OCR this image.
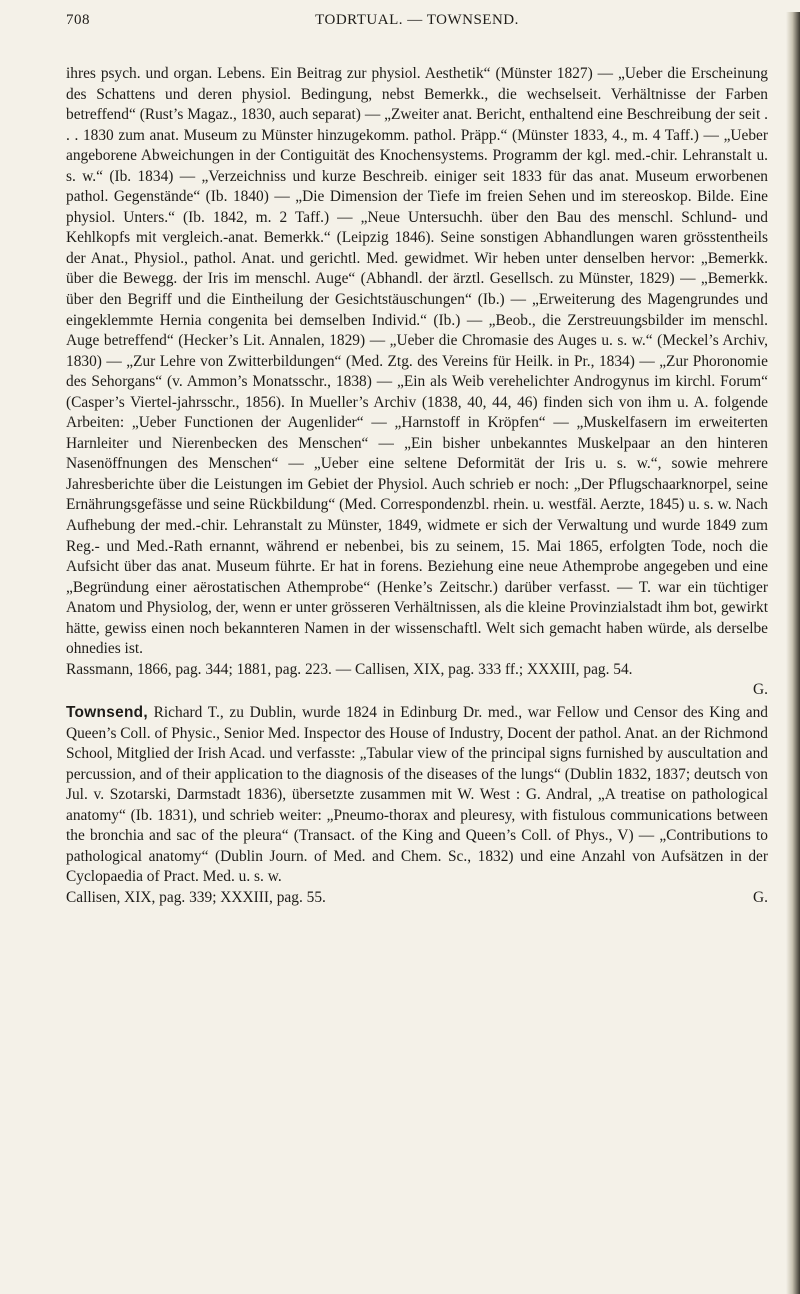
708	TODRTUAL. — TOWNSEND.

ihres psych. und organ. Lebens. Ein Beitrag zur physiol. Aesthetik“ (Münster 1827) — „Ueber die Erscheinung des Schattens und deren physiol. Bedingung, nebst Bemerkk., die wechselseit. Verhältnisse der Farben betreffend“ (Rust’s Magaz., 1830, auch separat) — „Zweiter anat. Bericht, enthaltend eine Beschreibung der seit . . . 1830 zum anat. Museum zu Münster hinzugekomm. pathol. Präpp.“ (Münster 1833, 4., m. 4 Taff.) — „Ueber angeborene Abweichungen in der Contiguität des Knochensystems. Programm der kgl. med.-chir. Lehranstalt u. s. w.“ (Ib. 1834) — „Verzeichniss und kurze Beschreib. einiger seit 1833 für das anat. Museum erworbenen pathol. Gegenstände“ (Ib. 1840) — „Die Dimension der Tiefe im freien Sehen und im stereoskop. Bilde. Eine physiol. Unters.“ (Ib. 1842, m. 2 Taff.) — „Neue Untersuchh. über den Bau des menschl. Schlund- und Kehlkopfs mit vergleich.-anat. Bemerkk.“ (Leipzig 1846). Seine sonstigen Abhandlungen waren grösstentheils der Anat., Physiol., pathol. Anat. und gerichtl. Med. gewidmet. Wir heben unter denselben hervor: „Bemerkk. über die Bewegg. der Iris im menschl. Auge“ (Abhandl. der ärztl. Gesellsch. zu Münster, 1829) — „Bemerkk. über den Begriff und die Eintheilung der Gesichtstäuschungen“ (Ib.) — „Erweiterung des Magengrundes und eingeklemmte Hernia congenita bei demselben Individ.“ (Ib.) — „Beob., die Zerstreuungsbilder im menschl. Auge betreffend“ (Hecker’s Lit. Annalen, 1829) — „Ueber die Chromasie des Auges u. s. w.“ (Meckel’s Archiv, 1830) — „Zur Lehre von Zwitterbildungen“ (Med. Ztg. des Vereins für Heilk. in Pr., 1834) — „Zur Phoronomie des Sehorgans“ (v. Ammon’s Monatsschr., 1838) — „Ein als Weib verehelichter Androgynus im kirchl. Forum“ (Casper’s Viertel-jahrsschr., 1856). In Mueller’s Archiv (1838, 40, 44, 46) finden sich von ihm u. A. folgende Arbeiten: „Ueber Functionen der Augenlider“ — „Harnstoff in Kröpfen“ — „Muskelfasern im erweiterten Harnleiter und Nierenbecken des Menschen“ — „Ein bisher unbekanntes Muskelpaar an den hinteren Nasenöffnungen des Menschen“ — „Ueber eine seltene Deformität der Iris u. s. w.“, sowie mehrere Jahresberichte über die Leistungen im Gebiet der Physiol. Auch schrieb er noch: „Der Pflugschaarknorpel, seine Ernährungsgefässe und seine Rückbildung“ (Med. Correspondenzbl. rhein. u. westfäl. Aerzte, 1845) u. s. w. Nach Aufhebung der med.-chir. Lehranstalt zu Münster, 1849, widmete er sich der Verwaltung und wurde 1849 zum Reg.- und Med.-Rath ernannt, während er nebenbei, bis zu seinem, 15. Mai 1865, erfolgten Tode, noch die Aufsicht über das anat. Museum führte. Er hat in forens. Beziehung eine neue Athemprobe angegeben und eine „Begründung einer aërostatischen Athemprobe“ (Henke’s Zeitschr.) darüber verfasst. — T. war ein tüchtiger Anatom und Physiolog, der, wenn er unter grösseren Verhältnissen, als die kleine Provinzialstadt ihm bot, gewirkt hätte, gewiss einen noch bekannteren Namen in der wissenschaftl. Welt sich gemacht haben würde, als derselbe ohnedies ist.

Rassmann, 1866, pag. 344; 1881, pag. 223. — Callisen, XIX, pag. 333 ff.; XXXIII, pag. 54.
G.

Townsend, Richard T., zu Dublin, wurde 1824 in Edinburg Dr. med., war Fellow und Censor des King and Queen’s Coll. of Physic., Senior Med. Inspector des House of Industry, Docent der pathol. Anat. an der Richmond School, Mitglied der Irish Acad. und verfasste: „Tabular view of the principal signs furnished by auscultation and percussion, and of their application to the diagnosis of the diseases of the lungs“ (Dublin 1832, 1837; deutsch von Jul. v. Szotarski, Darmstadt 1836), übersetzte zusammen mit W. West : G. Andral, „A treatise on pathological anatomy“ (Ib. 1831), und schrieb weiter: „Pneumo-thorax and pleuresy, with fistulous communications between the bronchia and sac of the pleura“ (Transact. of the King and Queen’s Coll. of Phys., V) — „Contributions to pathological anatomy“ (Dublin Journ. of Med. and Chem. Sc., 1832) und eine Anzahl von Aufsätzen in der Cyclopaedia of Pract. Med. u. s. w.

Callisen, XIX, pag. 339; XXXIII, pag. 55.	G.
